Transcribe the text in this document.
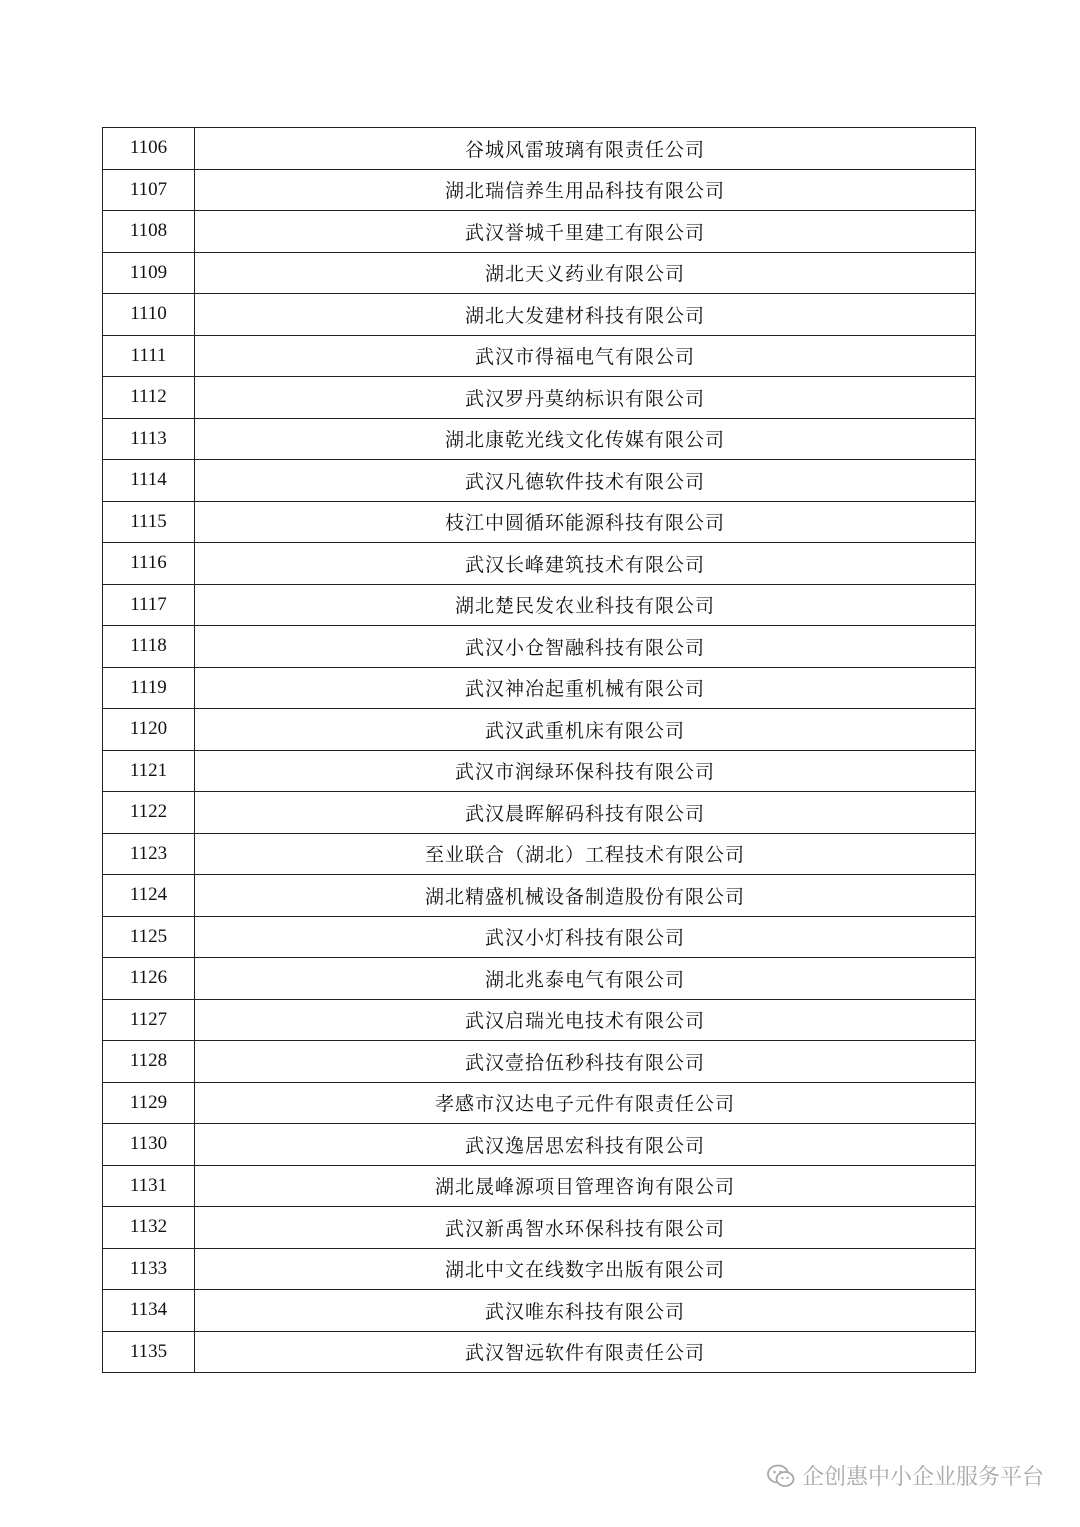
1106	谷城风雷玻璃有限责任公司
1107	湖北瑞信养生用品科技有限公司
1108	武汉誉城千里建工有限公司
1109	湖北天义药业有限公司
1110	湖北大发建材科技有限公司
1111	武汉市得福电气有限公司
1112	武汉罗丹莫纳标识有限公司
1113	湖北康乾光线文化传媒有限公司
1114	武汉凡德软件技术有限公司
1115	枝江中圆循环能源科技有限公司
1116	武汉长峰建筑技术有限公司
1117	湖北楚民发农业科技有限公司
1118	武汉小仓智融科技有限公司
1119	武汉神冶起重机械有限公司
1120	武汉武重机床有限公司
1121	武汉市润绿环保科技有限公司
1122	武汉晨晖解码科技有限公司
1123	至业联合（湖北）工程技术有限公司
1124	湖北精盛机械设备制造股份有限公司
1125	武汉小灯科技有限公司
1126	湖北兆泰电气有限公司
1127	武汉启瑞光电技术有限公司
1128	武汉壹拾伍秒科技有限公司
1129	孝感市汉达电子元件有限责任公司
1130	武汉逸居思宏科技有限公司
1131	湖北晟峰源项目管理咨询有限公司
1132	武汉新禹智水环保科技有限公司
1133	湖北中文在线数字出版有限公司
1134	武汉唯东科技有限公司
1135	武汉智远软件有限责任公司
企创惠中小企业服务平台
